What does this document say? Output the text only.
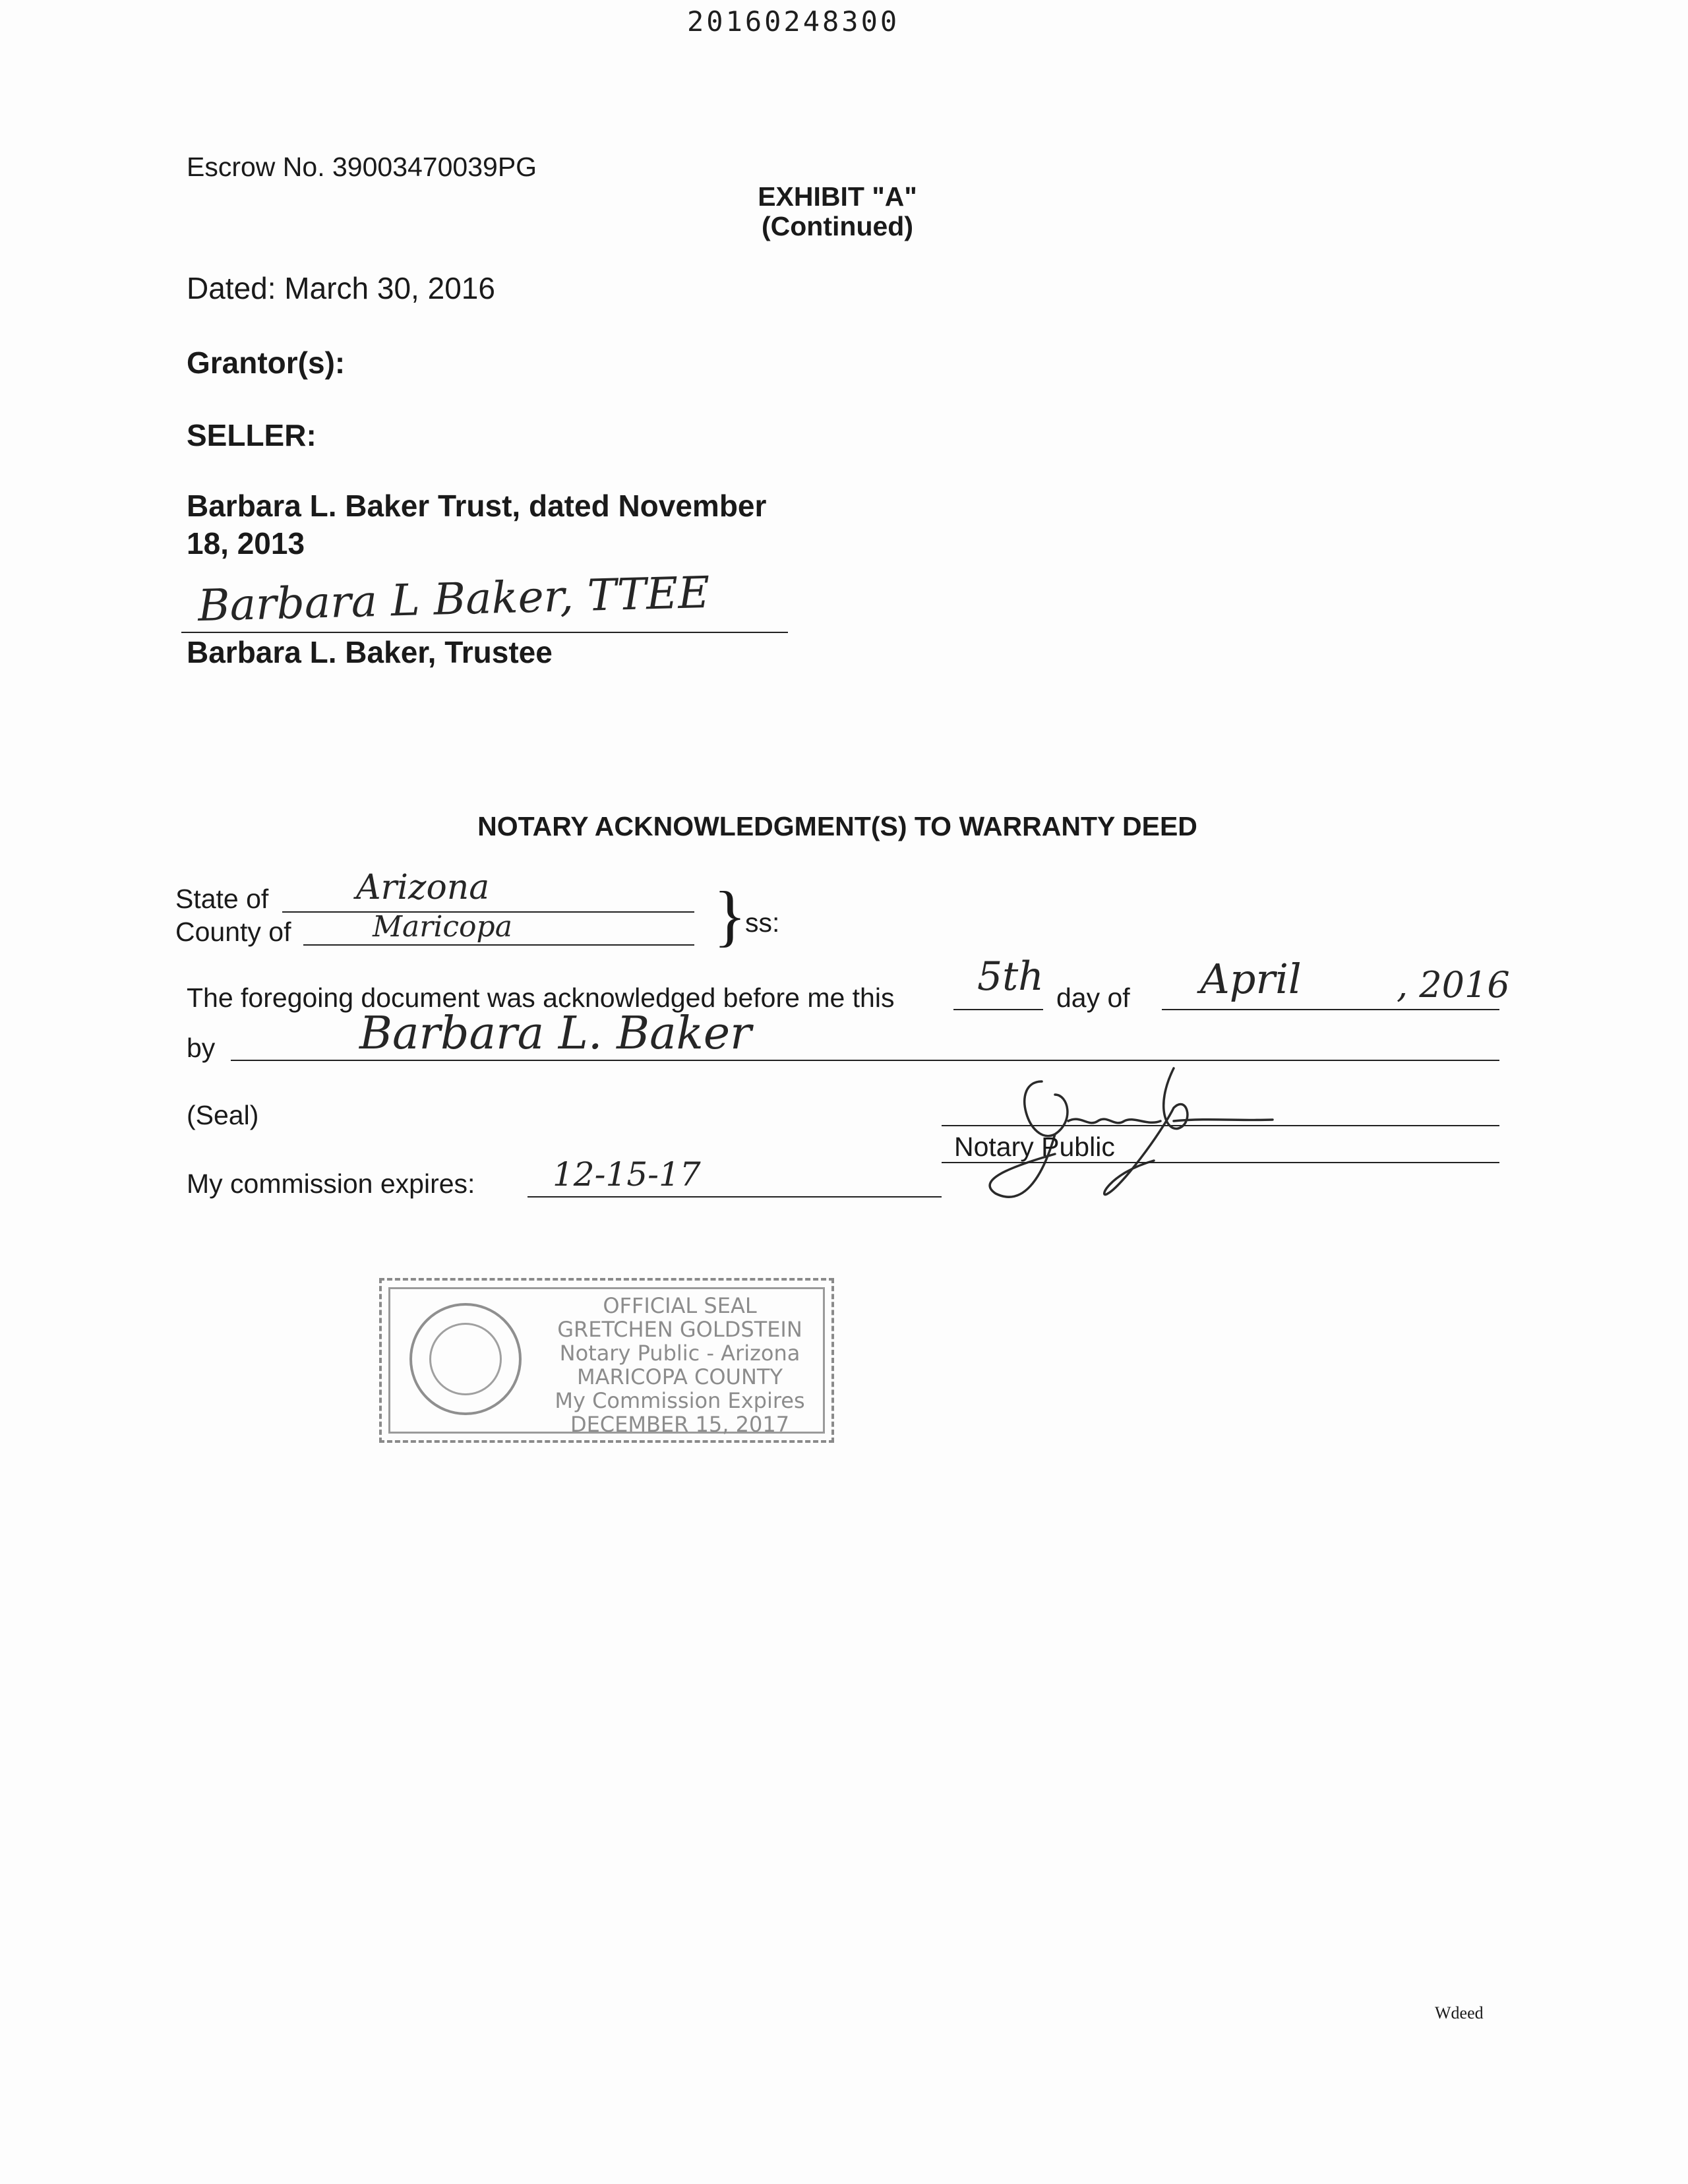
20160248300
Escrow No. 39003470039PG
EXHIBIT "A"
(Continued)
Dated: March 30, 2016
Grantor(s):
SELLER:
Barbara L. Baker Trust, dated November
18, 2013
Barbara L Baker, TTEE
Barbara L. Baker, Trustee
NOTARY ACKNOWLEDGMENT(S) TO WARRANTY DEED
State of	Arizona
County of	Maricopa	}
ss:
The foregoing document was acknowledged before me this 5th day of April	, 2016
by	Barbara L. Baker
(Seal)
Notary Public
My commission expires: 12-15-17
OFFICIAL SEAL
GRETCHEN GOLDSTEIN
Notary Public - Arizona
MARICOPA COUNTY
My Commission Expires
DECEMBER 15, 2017
Wdeed
